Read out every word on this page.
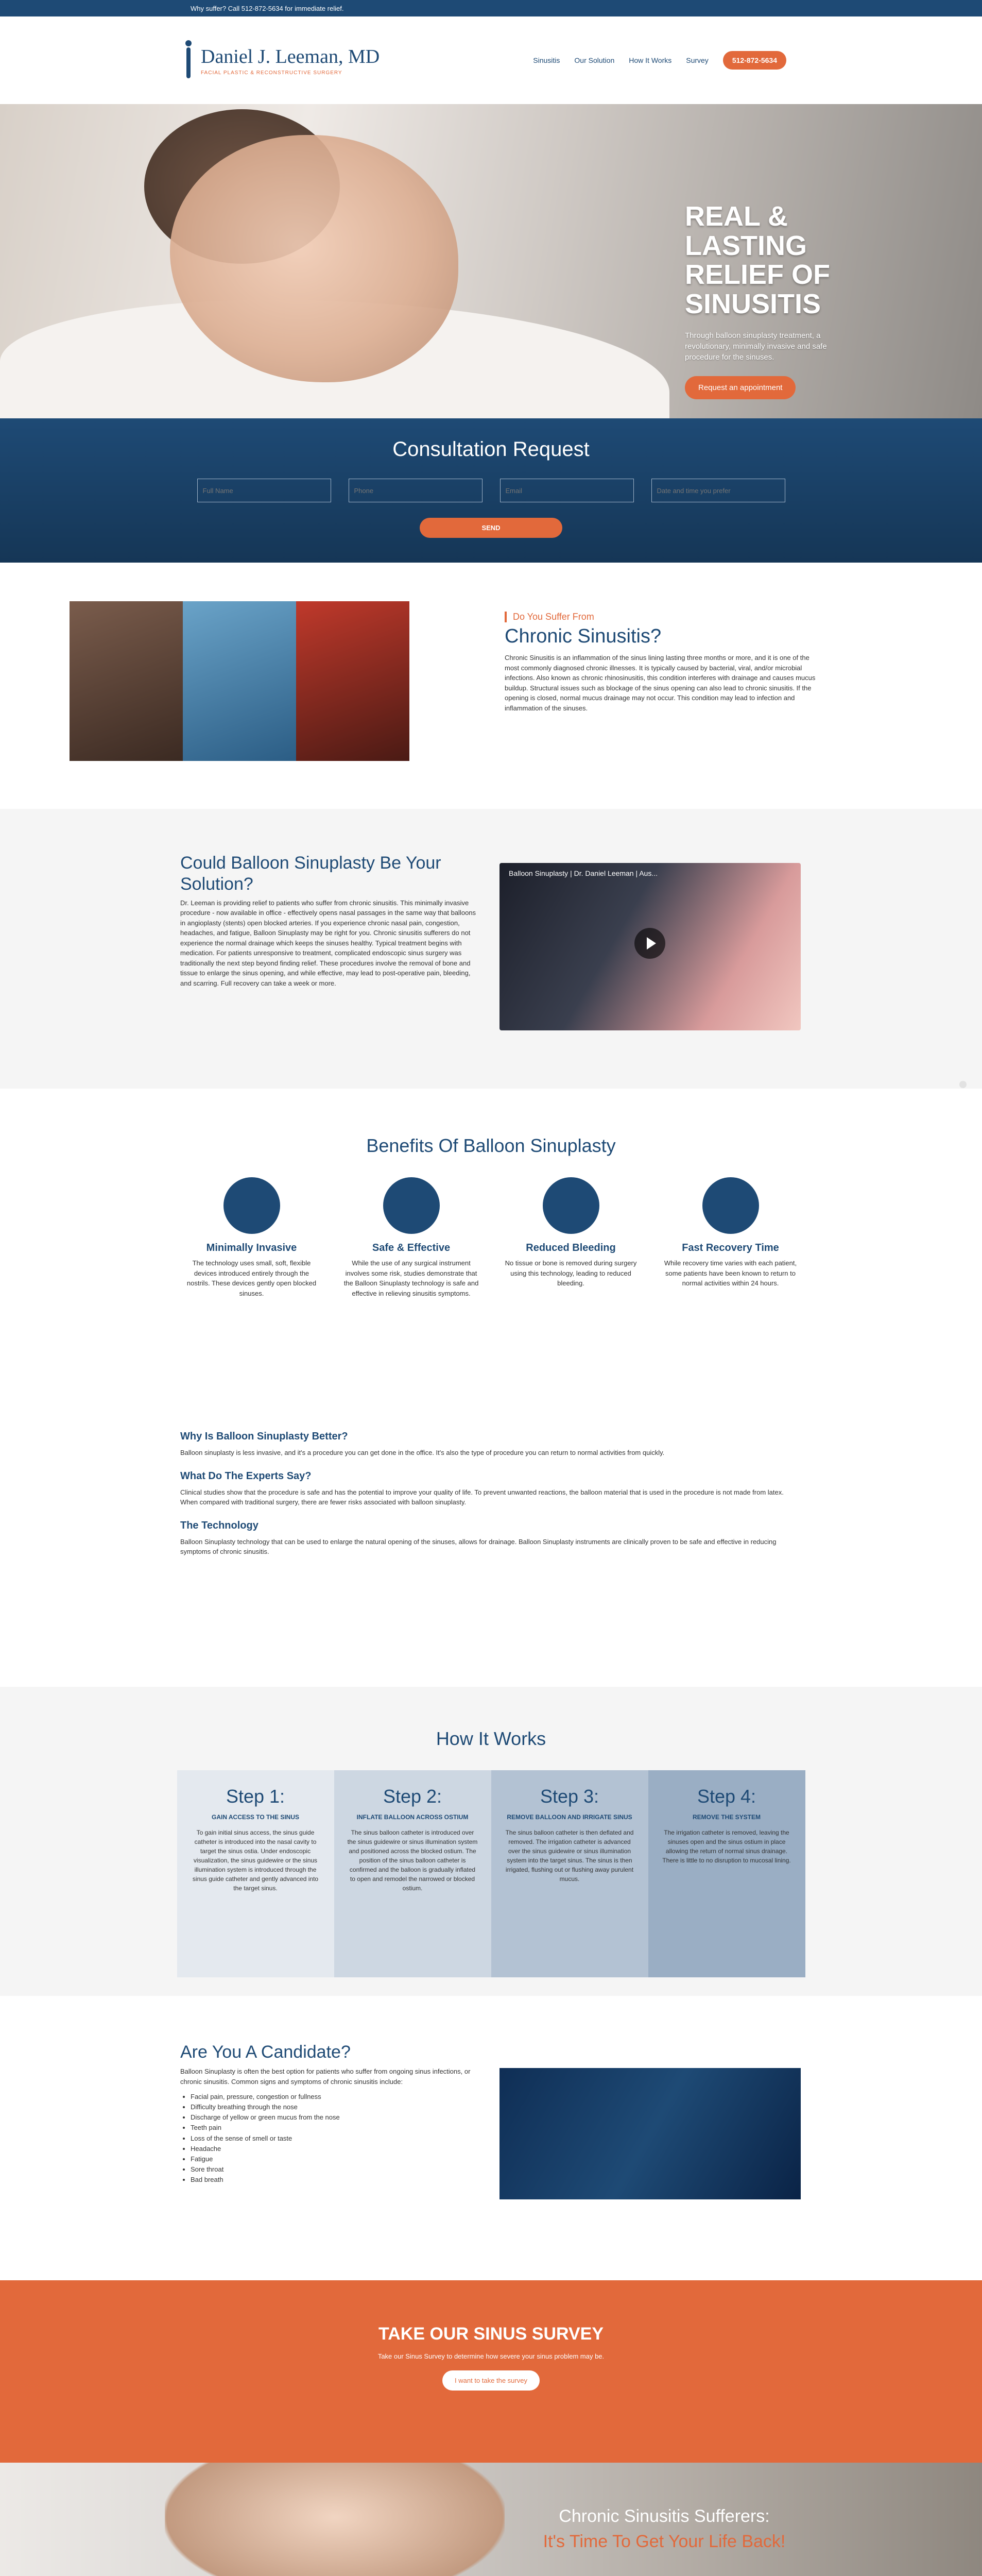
Why suffer? Call 512-872-5634 for immediate relief.
Daniel J. Leeman, MD
FACIAL PLASTIC & RECONSTRUCTIVE SURGERY
Sinusitis Our Solution How It Works Survey	512-872-5634
REAL & LASTING RELIEF OF SINUSITIS
Through balloon sinuplasty treatment, a revolutionary, minimally invasive and safe procedure for the sinuses.
Request an appointment
Consultation Request
Full Name
Phone
Email
Date and time you prefer
SEND
Do You Suffer From
Chronic Sinusitis?
Chronic Sinusitis is an inflammation of the sinus lining lasting three months or more, and it is one of the most commonly diagnosed chronic illnesses. It is typically caused by bacterial, viral, and/or microbial infections. Also known as chronic rhinosinusitis, this condition interferes with drainage and causes mucus buildup. Structural issues such as blockage of the sinus opening can also lead to chronic sinusitis. If the opening is closed, normal mucus drainage may not occur. This condition may lead to infection and inflammation of the sinuses.
Could Balloon Sinuplasty Be Your Solution?
Dr. Leeman is providing relief to patients who suffer from chronic sinusitis. This minimally invasive procedure - now available in office - effectively opens nasal passages in the same way that balloons in angioplasty (stents) open blocked arteries. If you experience chronic nasal pain, congestion, headaches, and fatigue, Balloon Sinuplasty may be right for you. Chronic sinusitis sufferers do not experience the normal drainage which keeps the sinuses healthy. Typical treatment begins with medication. For patients unresponsive to treatment, complicated endoscopic sinus surgery was traditionally the next step beyond finding relief. These procedures involve the removal of bone and tissue to enlarge the sinus opening, and while effective, may lead to post-operative pain, bleeding, and scarring. Full recovery can take a week or more.
Balloon Sinuplasty | Dr. Daniel Leeman | Aus...
Benefits Of Balloon Sinuplasty
Minimally Invasive
The technology uses small, soft, flexible devices introduced entirely through the nostrils. These devices gently open blocked sinuses.
Safe & Effective
While the use of any surgical instrument involves some risk, studies demonstrate that the Balloon Sinuplasty technology is safe and effective in relieving sinusitis symptoms.
Reduced Bleeding
No tissue or bone is removed during surgery using this technology, leading to reduced bleeding.
Fast Recovery Time
While recovery time varies with each patient, some patients have been known to return to normal activities within 24 hours.
Why Is Balloon Sinuplasty Better?
Balloon sinuplasty is less invasive, and it's a procedure you can get done in the office. It's also the type of procedure you can return to normal activities from quickly.
What Do The Experts Say?
Clinical studies show that the procedure is safe and has the potential to improve your quality of life. To prevent unwanted reactions, the balloon material that is used in the procedure is not made from latex. When compared with traditional surgery, there are fewer risks associated with balloon sinuplasty.
The Technology
Balloon Sinuplasty technology that can be used to enlarge the natural opening of the sinuses, allows for drainage. Balloon Sinuplasty instruments are clinically proven to be safe and effective in reducing symptoms of chronic sinusitis.
How It Works
Step 1:
GAIN ACCESS TO THE SINUS
To gain initial sinus access, the sinus guide catheter is introduced into the nasal cavity to target the sinus ostia. Under endoscopic visualization, the sinus guidewire or the sinus illumination system is introduced through the sinus guide catheter and gently advanced into the target sinus.
Step 2:
INFLATE BALLOON ACROSS OSTIUM
The sinus balloon catheter is introduced over the sinus guidewire or sinus illumination system and positioned across the blocked ostium. The position of the sinus balloon catheter is confirmed and the balloon is gradually inflated to open and remodel the narrowed or blocked ostium.
Step 3:
REMOVE BALLOON AND IRRIGATE SINUS
The sinus balloon catheter is then deflated and removed. The irrigation catheter is advanced over the sinus guidewire or sinus illumination system into the target sinus. The sinus is then irrigated, flushing out or flushing away purulent mucus.
Step 4:
REMOVE THE SYSTEM
The irrigation catheter is removed, leaving the sinuses open and the sinus ostium in place allowing the return of normal sinus drainage. There is little to no disruption to mucosal lining.
Are You A Candidate?
Balloon Sinuplasty is often the best option for patients who suffer from ongoing sinus infections, or chronic sinusitis. Common signs and symptoms of chronic sinusitis include:
• Facial pain, pressure, congestion or fullness
• Difficulty breathing through the nose
• Discharge of yellow or green mucus from the nose
• Teeth pain
• Loss of the sense of smell or taste
• Headache
• Fatigue
• Sore throat
• Bad breath
TAKE OUR SINUS SURVEY
Take our Sinus Survey to determine how severe your sinus problem may be.
I want to take the survey
Chronic Sinusitis Sufferers:
It's Time To Get Your Life Back!
